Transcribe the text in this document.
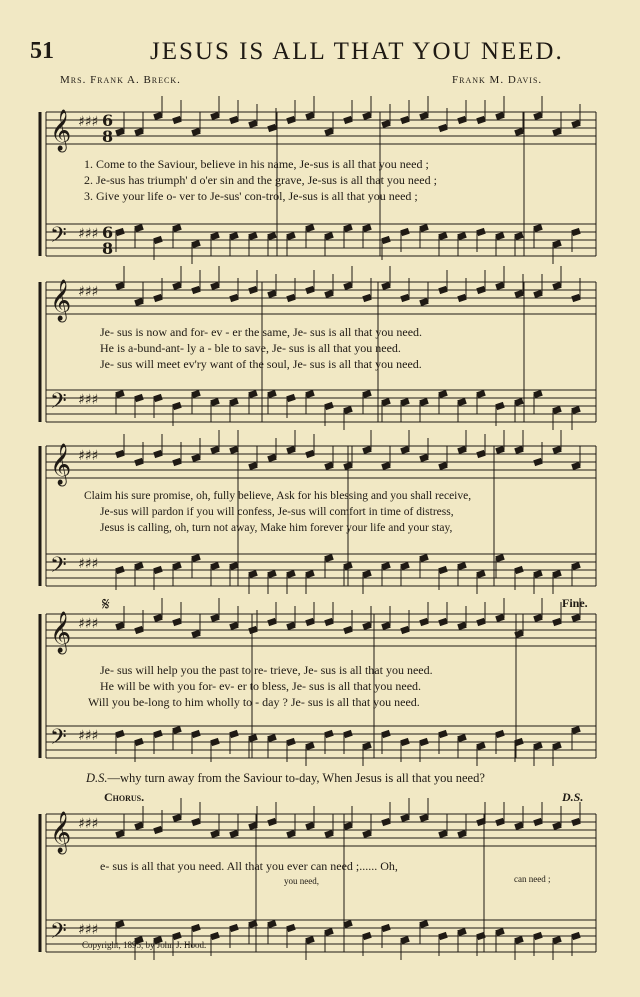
51	JESUS IS ALL THAT YOU NEED.
Mrs. Frank A. Breck.	Frank M. Davis.
𝄞
𝄢
♯♯♯
♯♯♯
𝄞
𝄢
♯♯♯
♯♯♯
𝄞
𝄢
♯♯♯
♯♯♯
𝄞
𝄢
♯♯♯
♯♯♯
𝄞
𝄢
♯♯♯
♯♯♯
6
8
6
8
𝄋
1. Come to the Saviour, believe in his name, Je-sus is all that you need ;
2. Je-sus has triumph' d o'er sin and the grave, Je-sus is all that you need ;
3. Give your life o- ver to Je-sus' con-trol, Je-sus is all that you need ;
Je- sus is now and for- ev - er the same, Je- sus is all that you need.
He is a-bund-ant- ly a - ble to save, Je- sus is all that you need.
Je- sus will meet ev'ry want of the soul, Je- sus is all that you need.
Claim his sure promise, oh, fully believe, Ask for his blessing and you shall receive,
Je-sus will pardon if you will confess, Je-sus will comfort in time of distress,
Jesus is calling, oh, turn not away, Make him forever your life and your stay,
Fine.
Je- sus will help you the past to re- trieve, Je- sus is all that you need.
He will be with you for- ev- er to bless, Je- sus is all that you need.
Will you be-long to him wholly to - day ? Je- sus is all that you need.
D.S.—why turn away from the Saviour to-day, When Jesus is all that you need?
Chorus.	D.S.
e- sus is all that you need. All that you ever can need ;...... Oh,
you need,	can need ;
Copyright, 1895, by John J. Hood.
